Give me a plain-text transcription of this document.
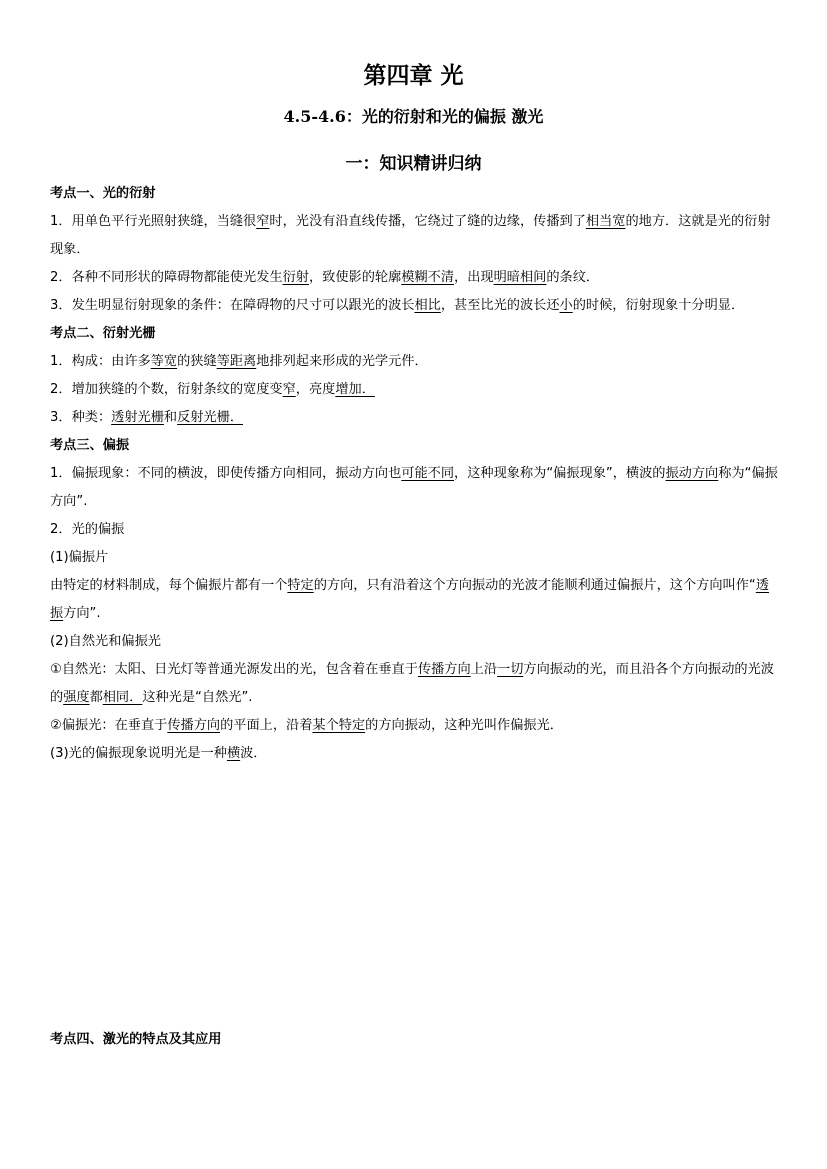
第四章 光
4.5-4.6：光的衍射和光的偏振 激光
一：知识精讲归纳

考点一、光的衍射

1．用单色平行光照射狭缝，当缝很窄时，光没有沿直线传播，它绕过了缝的边缘，传播到了相当宽的地方．这就是光的衍射现象．

2．各种不同形状的障碍物都能使光发生衍射，致使影的轮廓模糊不清，出现明暗相间的条纹．

3．发生明显衍射现象的条件：在障碍物的尺寸可以跟光的波长相比，甚至比光的波长还小的时候，衍射现象十分明显．

考点二、衍射光栅

1．构成：由许多等宽的狭缝等距离地排列起来形成的光学元件．

2．增加狭缝的个数，衍射条纹的宽度变窄，亮度增加．

3．种类：透射光栅和反射光栅．

考点三、偏振

1．偏振现象：不同的横波，即使传播方向相同，振动方向也可能不同，这种现象称为“偏振现象”，横波的振动方向称为“偏振方向”.

2．光的偏振

(1)偏振片

由特定的材料制成，每个偏振片都有一个特定的方向，只有沿着这个方向振动的光波才能顺利通过偏振片，这个方向叫作“透振方向”.

(2)自然光和偏振光

①自然光：太阳、日光灯等普通光源发出的光，包含着在垂直于传播方向上沿一切方向振动的光，而且沿各个方向振动的光波的强度都相同．这种光是“自然光”.

②偏振光：在垂直于传播方向的平面上，沿着某个特定的方向振动，这种光叫作偏振光．

(3)光的偏振现象说明光是一种横波．

考点四、激光的特点及其应用
